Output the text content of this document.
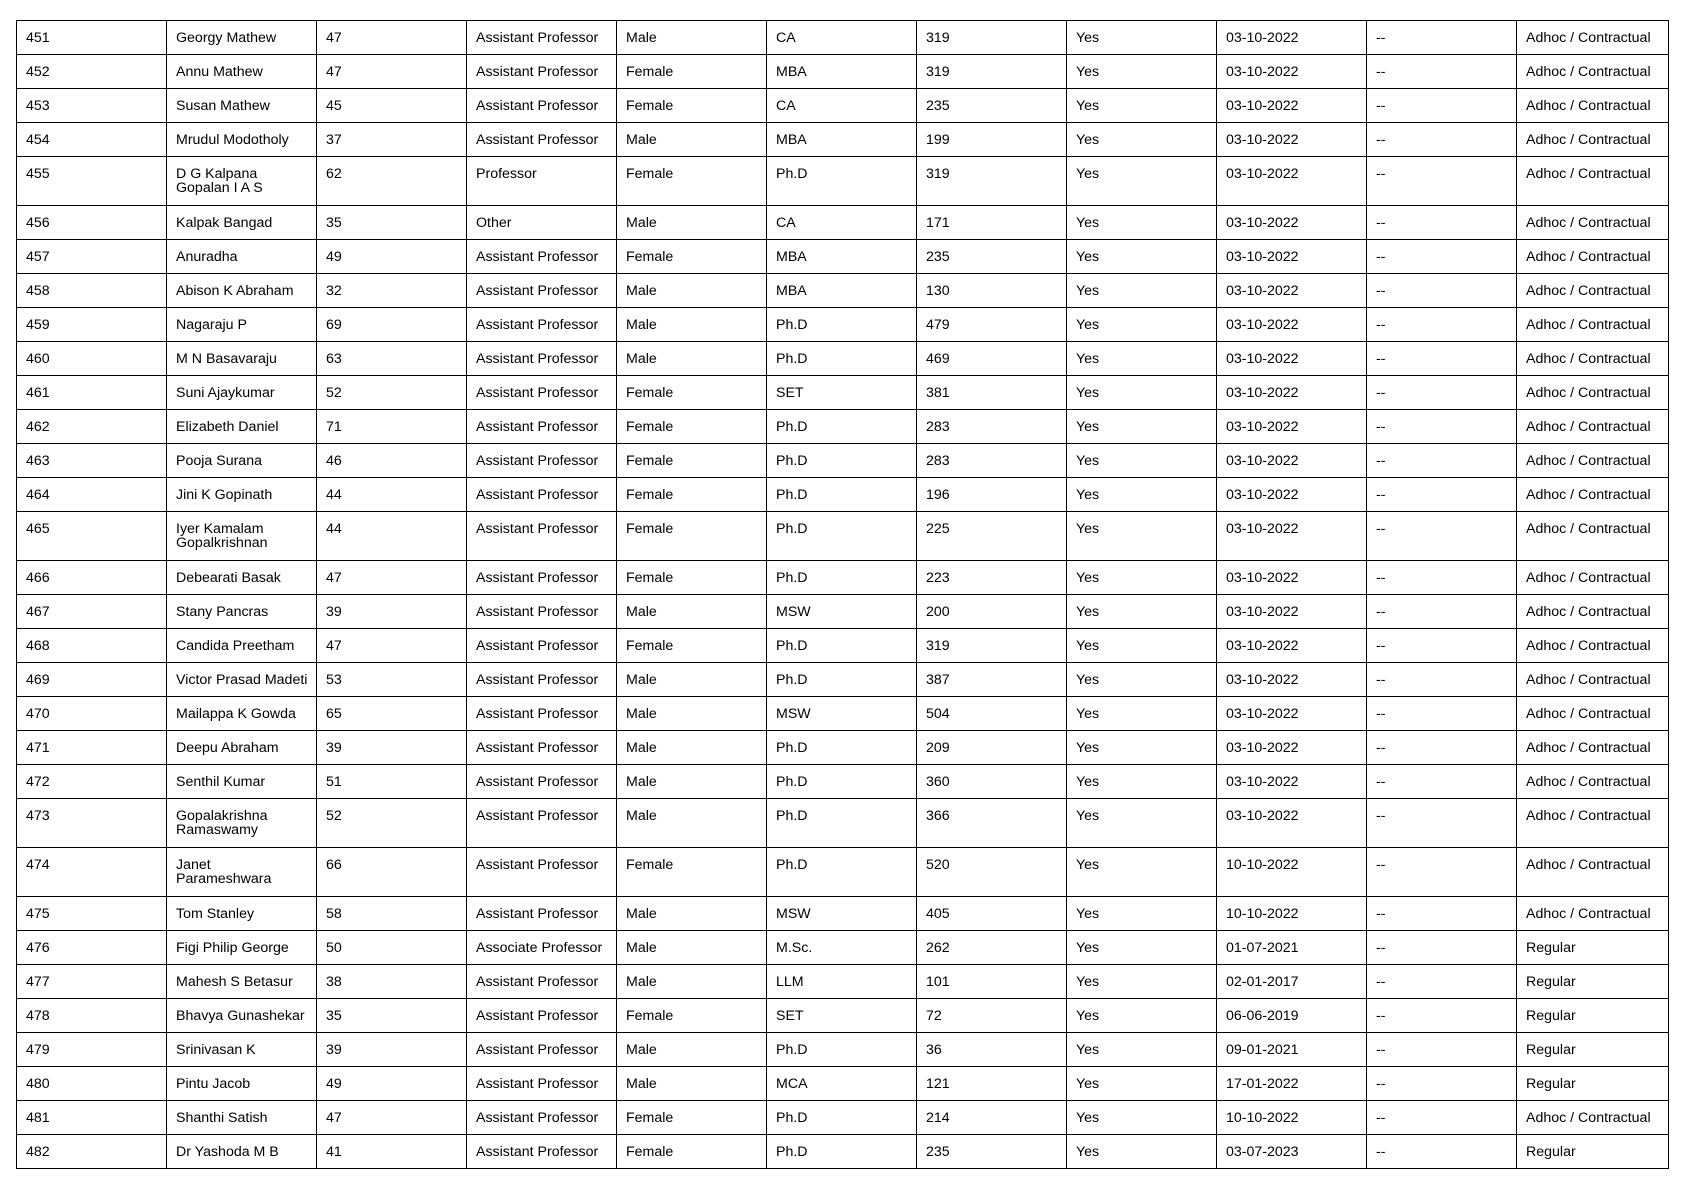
451	Georgy Mathew	47	Assistant Professor	Male	CA	319	Yes	03-10-2022	--	Adhoc / Contractual
452	Annu Mathew	47	Assistant Professor	Female	MBA	319	Yes	03-10-2022	--	Adhoc / Contractual
453	Susan Mathew	45	Assistant Professor	Female	CA	235	Yes	03-10-2022	--	Adhoc / Contractual
454	Mrudul Modotholy	37	Assistant Professor	Male	MBA	199	Yes	03-10-2022	--	Adhoc / Contractual
455	D G Kalpana Gopalan I A S	62	Professor	Female	Ph.D	319	Yes	03-10-2022	--	Adhoc / Contractual
456	Kalpak Bangad	35	Other	Male	CA	171	Yes	03-10-2022	--	Adhoc / Contractual
457	Anuradha	49	Assistant Professor	Female	MBA	235	Yes	03-10-2022	--	Adhoc / Contractual
458	Abison K Abraham	32	Assistant Professor	Male	MBA	130	Yes	03-10-2022	--	Adhoc / Contractual
459	Nagaraju P	69	Assistant Professor	Male	Ph.D	479	Yes	03-10-2022	--	Adhoc / Contractual
460	M N Basavaraju	63	Assistant Professor	Male	Ph.D	469	Yes	03-10-2022	--	Adhoc / Contractual
461	Suni Ajaykumar	52	Assistant Professor	Female	SET	381	Yes	03-10-2022	--	Adhoc / Contractual
462	Elizabeth Daniel	71	Assistant Professor	Female	Ph.D	283	Yes	03-10-2022	--	Adhoc / Contractual
463	Pooja Surana	46	Assistant Professor	Female	Ph.D	283	Yes	03-10-2022	--	Adhoc / Contractual
464	Jini K Gopinath	44	Assistant Professor	Female	Ph.D	196	Yes	03-10-2022	--	Adhoc / Contractual
465	Iyer Kamalam Gopalkrishnan	44	Assistant Professor	Female	Ph.D	225	Yes	03-10-2022	--	Adhoc / Contractual
466	Debearati Basak	47	Assistant Professor	Female	Ph.D	223	Yes	03-10-2022	--	Adhoc / Contractual
467	Stany Pancras	39	Assistant Professor	Male	MSW	200	Yes	03-10-2022	--	Adhoc / Contractual
468	Candida Preetham	47	Assistant Professor	Female	Ph.D	319	Yes	03-10-2022	--	Adhoc / Contractual
469	Victor Prasad Madeti	53	Assistant Professor	Male	Ph.D	387	Yes	03-10-2022	--	Adhoc / Contractual
470	Mailappa K Gowda	65	Assistant Professor	Male	MSW	504	Yes	03-10-2022	--	Adhoc / Contractual
471	Deepu Abraham	39	Assistant Professor	Male	Ph.D	209	Yes	03-10-2022	--	Adhoc / Contractual
472	Senthil Kumar	51	Assistant Professor	Male	Ph.D	360	Yes	03-10-2022	--	Adhoc / Contractual
473	Gopalakrishna Ramaswamy	52	Assistant Professor	Male	Ph.D	366	Yes	03-10-2022	--	Adhoc / Contractual
474	Janet Parameshwara	66	Assistant Professor	Female	Ph.D	520	Yes	10-10-2022	--	Adhoc / Contractual
475	Tom Stanley	58	Assistant Professor	Male	MSW	405	Yes	10-10-2022	--	Adhoc / Contractual
476	Figi Philip George	50	Associate Professor	Male	M.Sc.	262	Yes	01-07-2021	--	Regular
477	Mahesh S Betasur	38	Assistant Professor	Male	LLM	101	Yes	02-01-2017	--	Regular
478	Bhavya Gunashekar	35	Assistant Professor	Female	SET	72	Yes	06-06-2019	--	Regular
479	Srinivasan K	39	Assistant Professor	Male	Ph.D	36	Yes	09-01-2021	--	Regular
480	Pintu Jacob	49	Assistant Professor	Male	MCA	121	Yes	17-01-2022	--	Regular
481	Shanthi Satish	47	Assistant Professor	Female	Ph.D	214	Yes	10-10-2022	--	Adhoc / Contractual
482	Dr Yashoda M B	41	Assistant Professor	Female	Ph.D	235	Yes	03-07-2023	--	Regular
